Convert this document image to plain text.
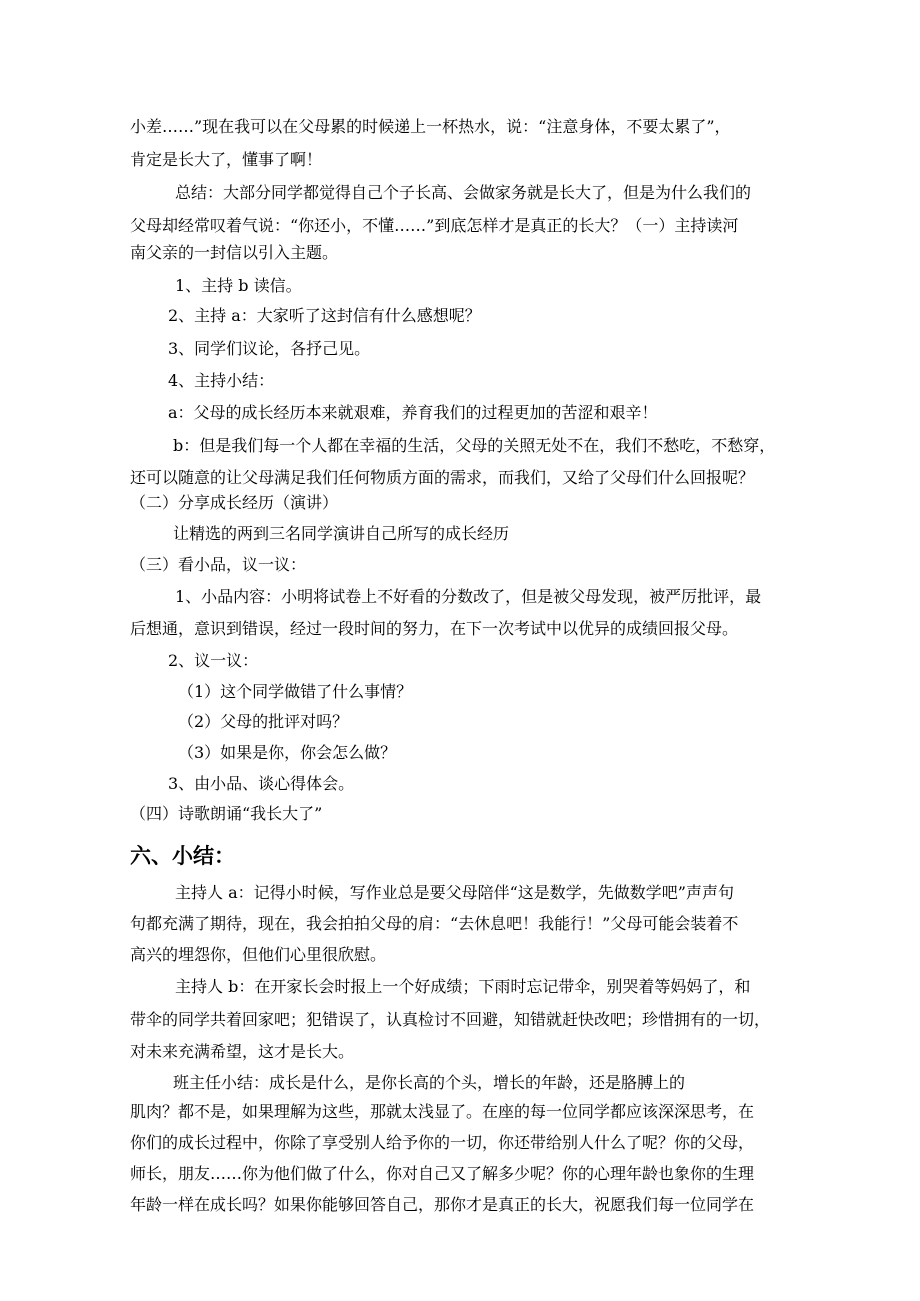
小差……”现在我可以在父母累的时候递上一杯热水，说：“注意身体，不要太累了”，
肯定是长大了，懂事了啊！
总结：大部分同学都觉得自己个子长高、会做家务就是长大了，但是为什么我们的
父母却经常叹着气说：“你还小，不懂……”到底怎样才是真正的长大？（一）主持读河
南父亲的一封信以引入主题。
1、主持 b 读信。
2、主持 a：大家听了这封信有什么感想呢？
3、同学们议论，各抒己见。
4、主持小结：
a：父母的成长经历本来就艰难，养育我们的过程更加的苦涩和艰辛！
b：但是我们每一个人都在幸福的生活，父母的关照无处不在，我们不愁吃，不愁穿，
还可以随意的让父母满足我们任何物质方面的需求，而我们，又给了父母们什么回报呢？
（二）分享成长经历（演讲）
让精选的两到三名同学演讲自己所写的成长经历
（三）看小品，议一议：
1、小品内容：小明将试卷上不好看的分数改了，但是被父母发现，被严厉批评，最
后想通，意识到错误，经过一段时间的努力，在下一次考试中以优异的成绩回报父母。
2、议一议：
（1）这个同学做错了什么事情？
（2）父母的批评对吗？
（3）如果是你，你会怎么做？
3、由小品、谈心得体会。
（四）诗歌朗诵“我长大了”
六、小结：
主持人 a：记得小时候，写作业总是要父母陪伴“这是数学，先做数学吧”声声句
句都充满了期待，现在，我会拍拍父母的肩：“去休息吧！我能行！”父母可能会装着不
高兴的埋怨你，但他们心里很欣慰。
主持人 b：在开家长会时报上一个好成绩；下雨时忘记带伞，别哭着等妈妈了，和
带伞的同学共着回家吧；犯错误了，认真检讨不回避，知错就赶快改吧；珍惜拥有的一切，
对未来充满希望，这才是长大。
班主任小结：成长是什么，是你长高的个头，增长的年龄，还是胳膊上的
肌肉？都不是，如果理解为这些，那就太浅显了。在座的每一位同学都应该深深思考，在
你们的成长过程中，你除了享受别人给予你的一切，你还带给别人什么了呢？你的父母，
师长，朋友……你为他们做了什么，你对自己又了解多少呢？你的心理年龄也象你的生理
年龄一样在成长吗？如果你能够回答自己，那你才是真正的长大，祝愿我们每一位同学在
